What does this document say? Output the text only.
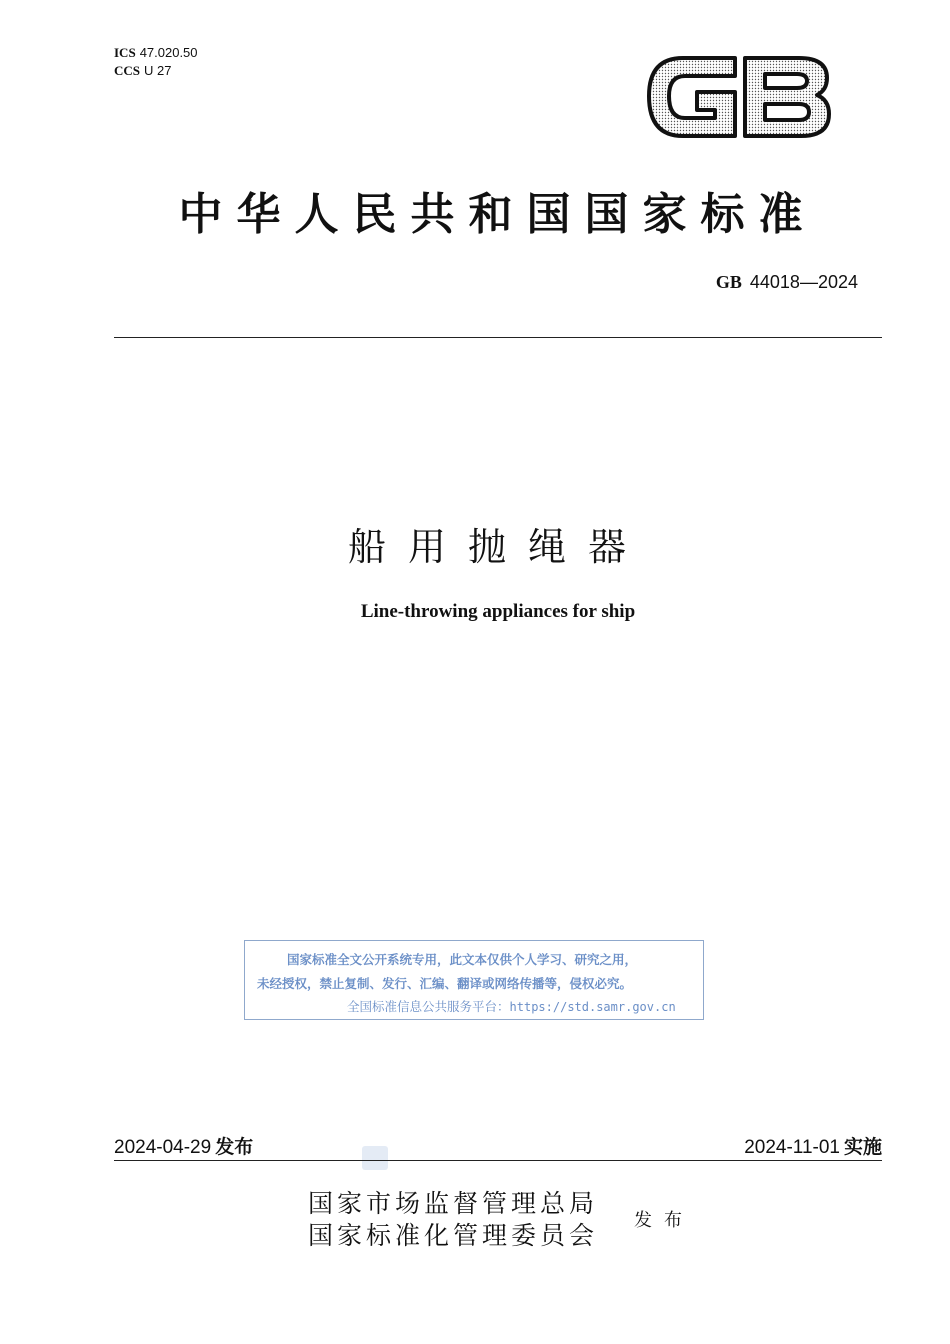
ICS 47.020.50
CCS U 27
中华人民共和国国家标准
GB 44018—2024
船用抛绳器
Line-throwing appliances for ship
国家标准全文公开系统专用，此文本仅供个人学习、研究之用，
未经授权，禁止复制、发行、汇编、翻译或网络传播等，侵权必究。
全国标准信息公共服务平台：https://std.samr.gov.cn
2024-04-29 发布	2024-11-01 实施
国家市场监督管理总局
国家标准化管理委员会
发布
